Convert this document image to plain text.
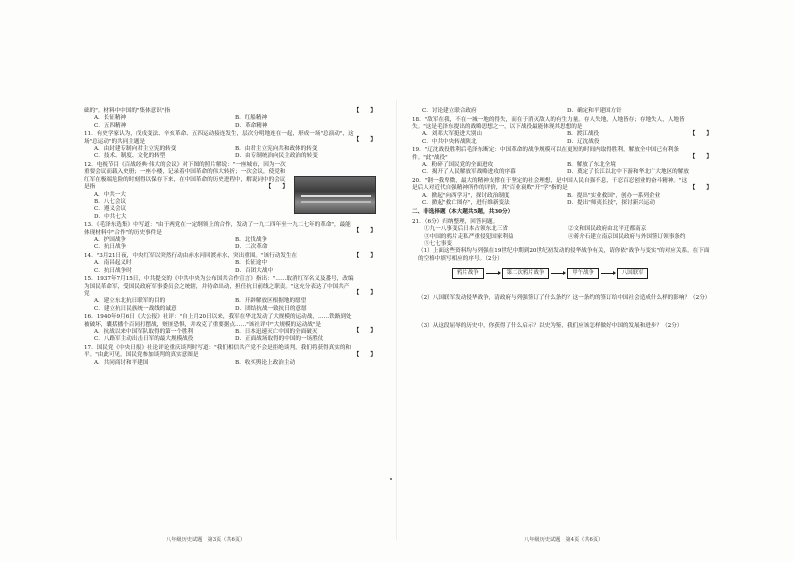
础的"。材料中中国的"集体意识"指	【　　】
A．长征精神	B．红船精神
C．五四精神	D．革命精神
11．有史学家认为，戊戌变法、辛亥革命、五四运动接连发生，层次分明地连在一起，形成一场"总演动"，这场"总运动"的共同主题是	【　　】
A．由封建专制向君主立宪的转变	B．由君主立宪向共和政体的转变
C．技术、制度、文化的转型	D．由专制统治向民主政治的转变
12．电视节目《百战经典·伟大的会议》对下图的照片解说："一座城市，因为一次重要会议而载入史册；一座小楼，记录着中国革命的伟大转折；一次会议，使党和红军在极端危险的时刻得以保存下来，在中国革命的历史进程中，解说词中的会议是指	【　　】
A．中共一大
B．八七会议
C．遵义会议
D．中共七大
13．《毛泽东选集》中写道："由于两党在一定纲领上的合作，发动了一九二四年至一九二七年的革命"，最能体现材料中"合作"的历史事件是	【　　】
A．护国战争	B．北伐战争
C．抗日战争	D．二次革命
14．"3月21日夜，中央红军以突然行动由赤水河回渡赤水，突出重围。"该行动发生在	【　　】
A．南昌起义时	B．长征途中
C．抗日战争时	D．百团大战中
15．1937年7月15日，中共提交的《中共中央为公布国共合作宣言》指出："……取消红军名义及番号，改编为国民革命军，受国民政府军事委员会之统辖，并待命出动，担任抗日前线之职责。"这充分表达了中国共产党	【　　】
A．建立东北抗日联军的目的	B．开辟解放区根据地的愿望
C．建立抗日民族统一战线的诚意	D．团结抗战一致抗日的意愿
16．1940年9月6日《大公报》社评："自上月20日以来，我军在华北发动了大规模的运动战，……铁路到处被破坏，囊括播个百同打摆战，赃匪恐惧，并攻克了重要据点……"该社评中"大规模的运动战"是
【　　】
A．抗战以来中国军队取得的第一个胜利	B．日本迅速灭亡中国的全面破灭
C．八路军主动出击日军的最大规模战役	D．正面战场取得的中国的一场胜仗
17．国民党《中央日报》社论评论重庆谈判时写道："我们相信共产党不会是拒绝谈判，我们将获得真实的和平。"由此可见，国民党参加谈判的真实意图是	【　　】
A．共同商讨和平建国	B．收买舆论上政治主动
八年级历史试题　第3页（共6页）
C．讨论建立联合政府	D．确定和平建国方针
18．"敌军在我，不在一城一地的得失，而在于消灭敌人的有生力量。存人失地，人地皆存；存地失人，人地皆失。"这是毛泽东提出的战略思想之一，以下战役最能体现其思想的是
【　　】
A．刘邓大军挺进大别山	B．渡江战役
C．中共中央转战陕北	D．辽沈战役
19．"辽沈战役胜利后毛泽东断定：中国革命的战争规模可以在更短的时间内取得胜利，解放全中国已有利条件。"此"战役"	【　　】
A．粉碎了国民党的全面进攻	B．解放了东北全境
C．揭开了人民解放军战略进攻的序幕	D．奠定了长江以北中下游和华北广大地区的解放
20．"钢一我卑微，最大的精神支撑在于坚定的社会理想，是中国人民自强不息，千忍百忍创业的奋斗精神。"这是后人对近代自强精神所作的评价，其"百业衰败"开"学"指的是	【　　】
A．掀起"向西学习"，探讨政治制度	B．提出"实业救国"，创办一系列企业
C．掀起"救亡图存"，进行维新变法	D．提出"师夷长技"，探讨新兴运动
二、非选择题（本大题共5题，共30分）
21．（6分）归纳整理，回答问题。
①九一八事变后日本占领东北三省	②文和国民政府由北平迁都南京
③中国的鸦片走私严重侵犯国家利益	④蒋介石建立南京国民政府与外国签订领事条约
⑤七七事变
（1）上面这些资料均与列强在19世纪中期到20世纪初发动的侵华战争有关，请你依"战争与变实"的对应关系，在下面的空格中填写相应的序号。（2分）
鸦片战争	第二次鸦片战争	甲午战争	八国联军
（2）八国联军发动侵华战争，清政府与列强签订了什么条约？这一条约的签订给中国社会造成什么样的影响？（2分）
（3）从这段屈辱的历史中，你获得了什么启示？以史为鉴，我们应该怎样做好中国的发展和进步？（2分）
八年级历史试题　第4页（共6页）
